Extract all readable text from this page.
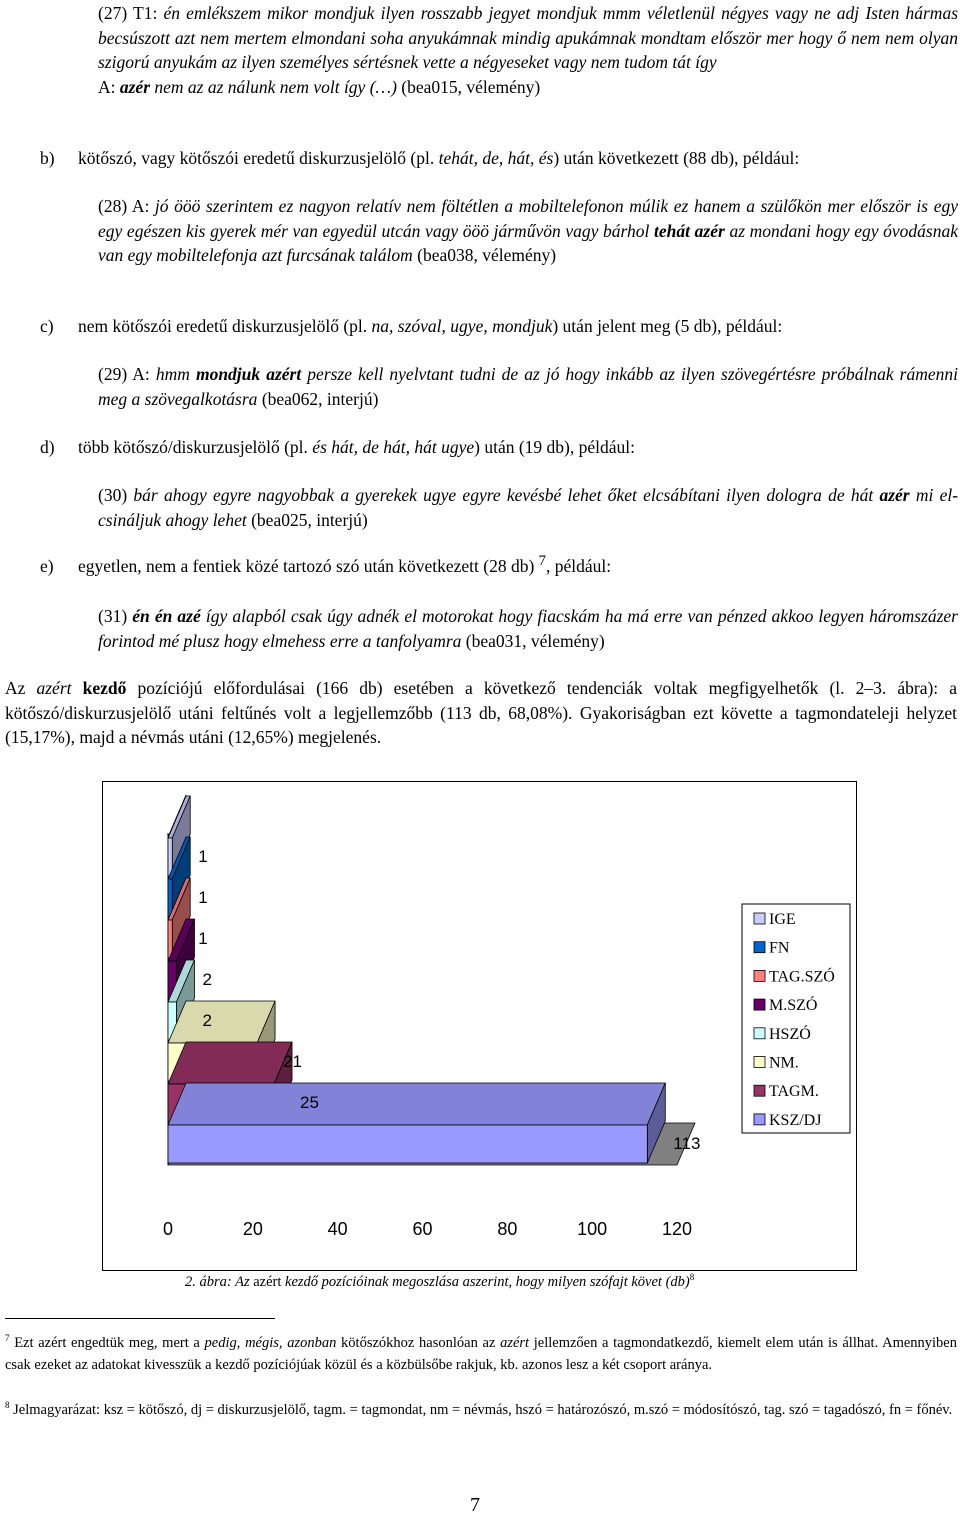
(27) T1: én emlékszem mikor mondjuk ilyen rosszabb jegyet mondjuk mmm véletlenül négyes vagy ne adj Isten hármas becsúszott azt nem mertem elmondani soha anyukámnak mindig apukámnak mondtam először mer hogy ő nem nem olyan szigorú anyukám az ilyen személyes sértésnek vette a négyeseket vagy nem tudom tát így
A: azér nem az az nálunk nem volt így (…) (bea015, vélemény)

b) kötőszó, vagy kötőszói eredetű diskurzusjelölő (pl. tehát, de, hát, és) után következett (88 db), például:

(28) A: jó ööö szerintem ez nagyon relatív nem föltétlen a mobiltelefonon múlik ez hanem a szülőkön mer először is egy egy egészen kis gyerek mér van egyedül utcán vagy ööö járművön vagy bárhol tehát azér az mondani hogy egy óvodásnak van egy mobiltelefonja azt furcsának találom (bea038, vélemény)

c) nem kötőszói eredetű diskurzusjelölő (pl. na, szóval, ugye, mondjuk) után jelent meg (5 db), például:

(29) A: hmm mondjuk azért persze kell nyelvtant tudni de az jó hogy inkább az ilyen szövegértésre próbálnak rámenni meg a szövegalkotásra (bea062, interjú)

d) több kötőszó/diskurzusjelölő (pl. és hát, de hát, hát ugye) után (19 db), például:

(30) bár ahogy egyre nagyobbak a gyerekek ugye egyre kevésbé lehet őket elcsábítani ilyen dologra de hát azér mi el- csináljuk ahogy lehet (bea025, interjú)

e) egyetlen, nem a fentiek közé tartozó szó után következett (28 db) $^7$, például:

(31) én én azé így alapból csak úgy adnék el motorokat hogy fiacskám ha má erre van pénzed akkoo legyen háromszázer forintod mé plusz hogy elmehess erre a tanfolyamra (bea031, vélemény)

Az azért kezdő pozíciójú előfordulásai (166 db) esetében a következő tendenciák voltak megfigyelhetők (l. 2–3. ábra): a kötőszó/diskurzusjelölő utáni feltűnés volt a legjellemzőbb (113 db, 68,08%). Gyakoriságban ezt követte a tagmondateleji helyzet (15,17%), majd a névmás utáni (12,65%) megjelenés.

1
1
1
2
2
21
25
113
0	20	40	60	80	100	120
IGE
FN
TAG.SZÓ
M.SZÓ
HSZÓ
NM.
TAGM.
KSZ/DJ
2. ábra: Az azért kezdő pozícióinak megoszlása aszerint, hogy milyen szófajt követ (db)$^8$

$^7$ Ezt azért engedtük meg, mert a pedig, mégis, azonban kötőszókhoz hasonlóan az azért jellemzően a tagmondatkezdő, kiemelt elem után is állhat. Amennyiben csak ezeket az adatokat kivesszük a kezdő pozíciójúak közül és a közbülsőbe rakjuk, kb. azonos lesz a két csoport aránya.

$^8$ Jelmagyarázat: ksz = kötőszó, dj = diskurzusjelölő, tagm. = tagmondat, nm = névmás, hszó = határozószó, m.szó = módosítószó, tag. szó = tagadószó, fn = főnév.

7
